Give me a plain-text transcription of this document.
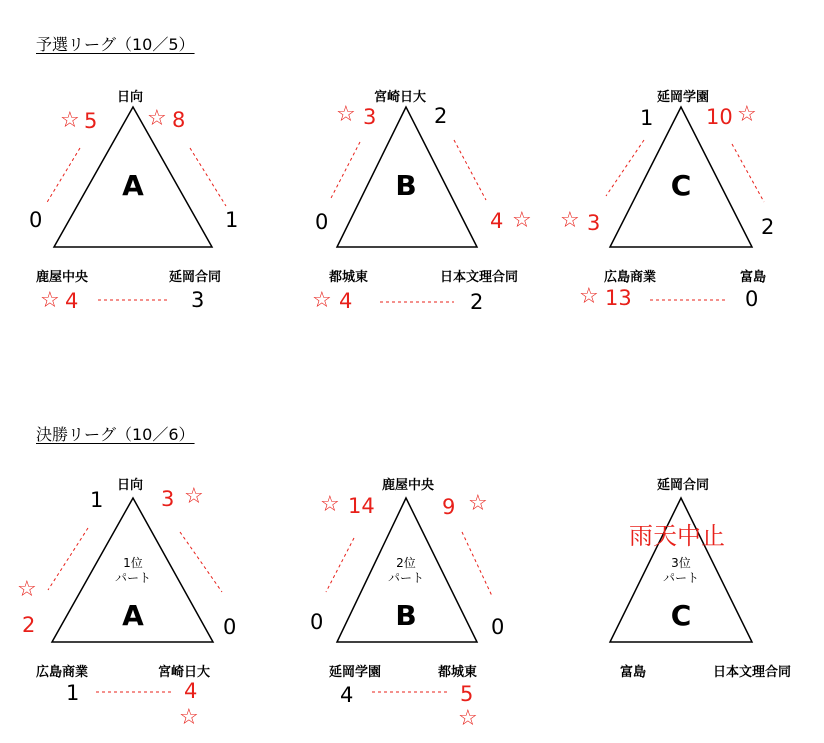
予選リーグ（10／5）
日向
鹿屋中央	延岡合同
A
☆ 5 ☆ 8
0	1
☆ 4	3
宮崎日大
都城東	日本文理合同
B
☆ 3	2
0	4 ☆
☆ 4	2
延岡学園
広島商業	富島
C
1	10 ☆
☆ 3	2
☆ 13	0
決勝リーグ（10／6）
日向
広島商業	宮崎日大
1位
パート
A
1	3 ☆
☆
2	0
1	4
☆
鹿屋中央
延岡学園	都城東
2位
パート
B
☆ 14	9 ☆
0	0
4	5
☆
延岡合同
富島	日本文理合同
雨天中止
3位
パート
C
